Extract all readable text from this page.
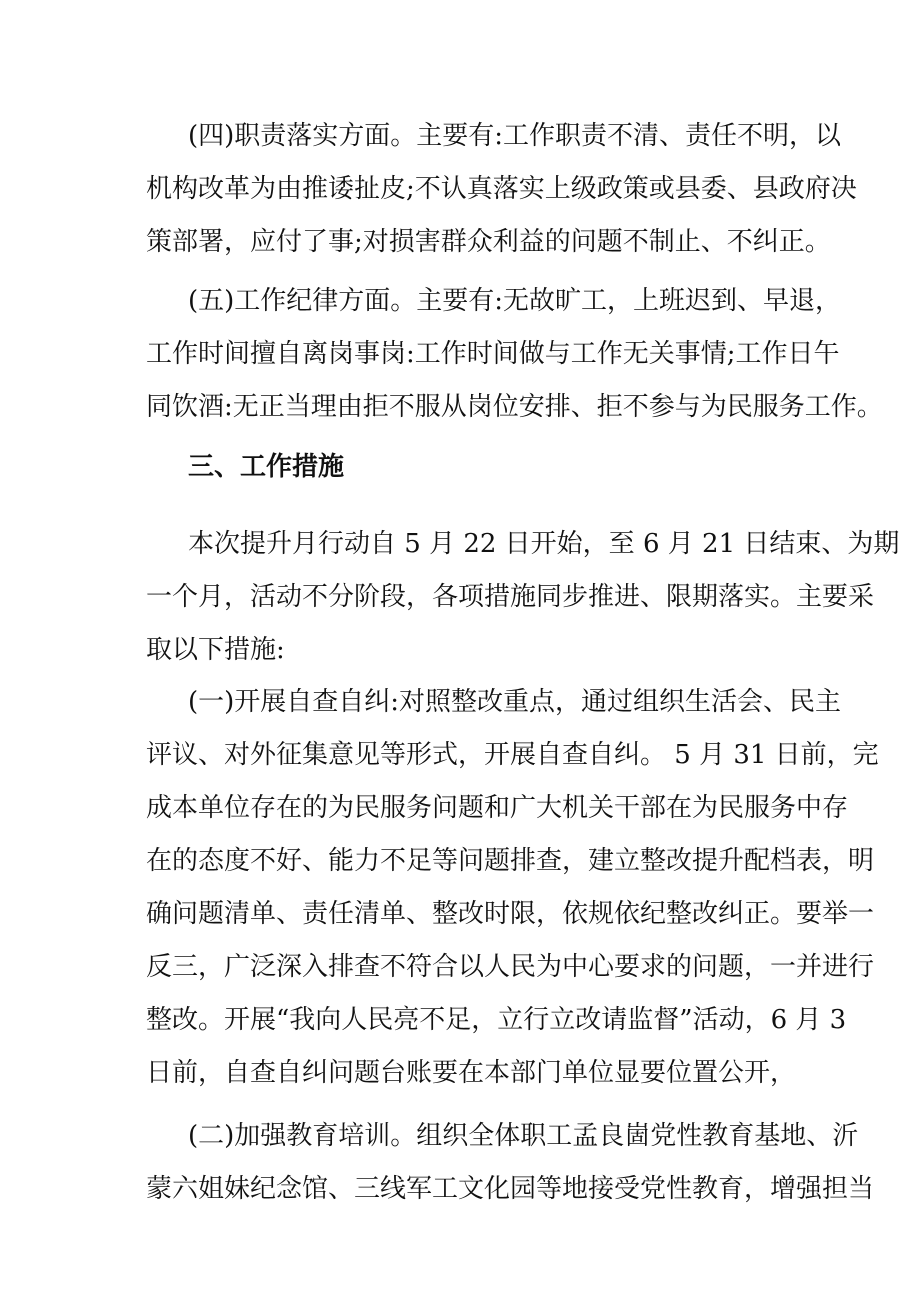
(四)职责落实方面。主要有:工作职责不清、责任不明，以
机构改革为由推诿扯皮;不认真落实上级政策或县委、县政府决
策部署，应付了事;对损害群众利益的问题不制止、不纠正。

(五)工作纪律方面。主要有:无故旷工，上班迟到、早退，
工作时间擅自离岗事岗:工作时间做与工作无关事情;工作日午
同饮酒:无正当理由拒不服从岗位安排、拒不参与为民服务工作。

三、工作措施

本次提升月行动自 5 月 22 日开始，至 6 月 21 日结束、为期
一个月，活动不分阶段，各项措施同步推进、限期落实。主要采
取以下措施:

(一)开展自查自纠:对照整改重点，通过组织生活会、民主
评议、对外征集意见等形式，开展自查自纠。 5 月 31 日前，完
成本单位存在的为民服务问题和广大机关干部在为民服务中存
在的态度不好、能力不足等问题排查，建立整改提升配档表，明
确问题清单、责任清单、整改时限，依规依纪整改纠正。要举一
反三，广泛深入排查不符合以人民为中心要求的问题，一并进行
整改。开展“我向人民亮不足，立行立改请监督”活动，6 月 3
日前，自查自纠问题台账要在本部门单位显要位置公开，

(二)加强教育培训。组织全体职工孟良崮党性教育基地、沂
蒙六姐妹纪念馆、三线军工文化园等地接受党性教育，增强担当
